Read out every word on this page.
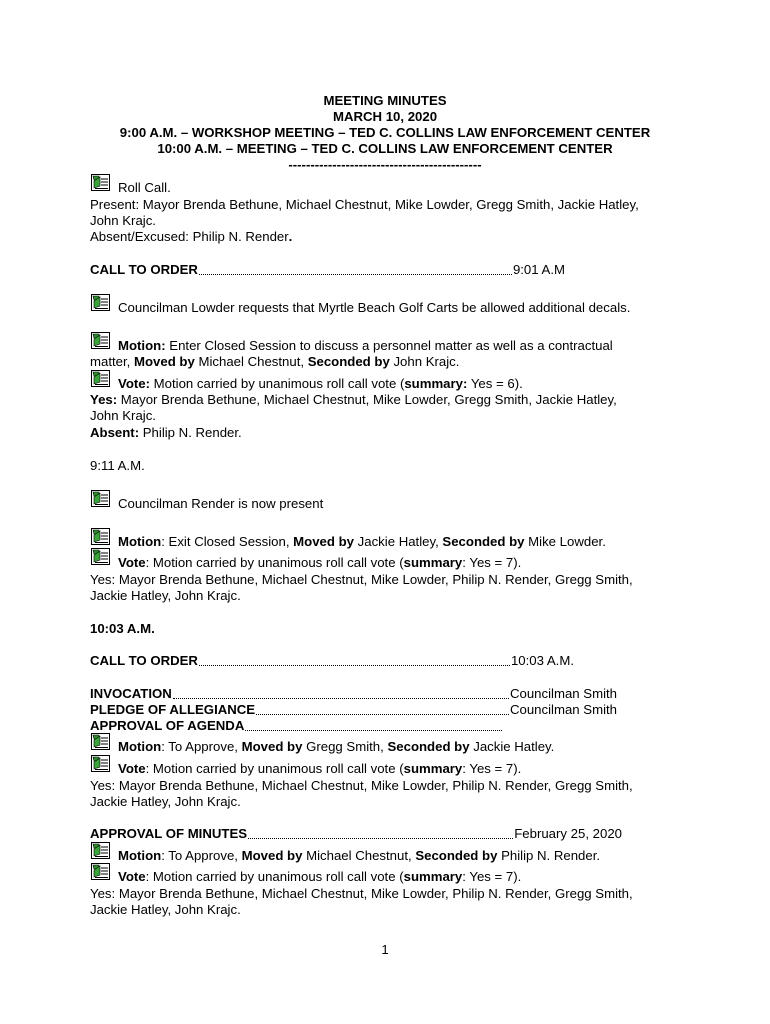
MEETING MINUTES
MARCH 10, 2020
9:00 A.M. – WORKSHOP MEETING – TED C. COLLINS LAW ENFORCEMENT CENTER
10:00 A.M. – MEETING – TED C. COLLINS LAW ENFORCEMENT CENTER
--------------------------------------------
Roll Call.
Present: Mayor Brenda Bethune, Michael Chestnut, Mike Lowder, Gregg Smith, Jackie Hatley,
John Krajc.
Absent/Excused: Philip N. Render.
CALL TO ORDER	9:01 A.M
Councilman Lowder requests that Myrtle Beach Golf Carts be allowed additional decals.
Motion: Enter Closed Session to discuss a personnel matter as well as a contractual
matter, Moved by Michael Chestnut, Seconded by John Krajc.
Vote: Motion carried by unanimous roll call vote (summary: Yes = 6).
Yes: Mayor Brenda Bethune, Michael Chestnut, Mike Lowder, Gregg Smith, Jackie Hatley,
John Krajc.
Absent: Philip N. Render.
9:11 A.M.
Councilman Render is now present
Motion: Exit Closed Session, Moved by Jackie Hatley, Seconded by Mike Lowder.
Vote: Motion carried by unanimous roll call vote (summary: Yes = 7).
Yes: Mayor Brenda Bethune, Michael Chestnut, Mike Lowder, Philip N. Render, Gregg Smith,
Jackie Hatley, John Krajc.
10:03 A.M.
CALL TO ORDER	10:03 A.M.
INVOCATION	Councilman Smith
PLEDGE OF ALLEGIANCE	Councilman Smith
APPROVAL OF AGENDA
Motion: To Approve, Moved by Gregg Smith, Seconded by Jackie Hatley.
Vote: Motion carried by unanimous roll call vote (summary: Yes = 7).
Yes: Mayor Brenda Bethune, Michael Chestnut, Mike Lowder, Philip N. Render, Gregg Smith,
Jackie Hatley, John Krajc.
APPROVAL OF MINUTES	February 25, 2020
Motion: To Approve, Moved by Michael Chestnut, Seconded by Philip N. Render.
Vote: Motion carried by unanimous roll call vote (summary: Yes = 7).
Yes: Mayor Brenda Bethune, Michael Chestnut, Mike Lowder, Philip N. Render, Gregg Smith,
Jackie Hatley, John Krajc.
1
